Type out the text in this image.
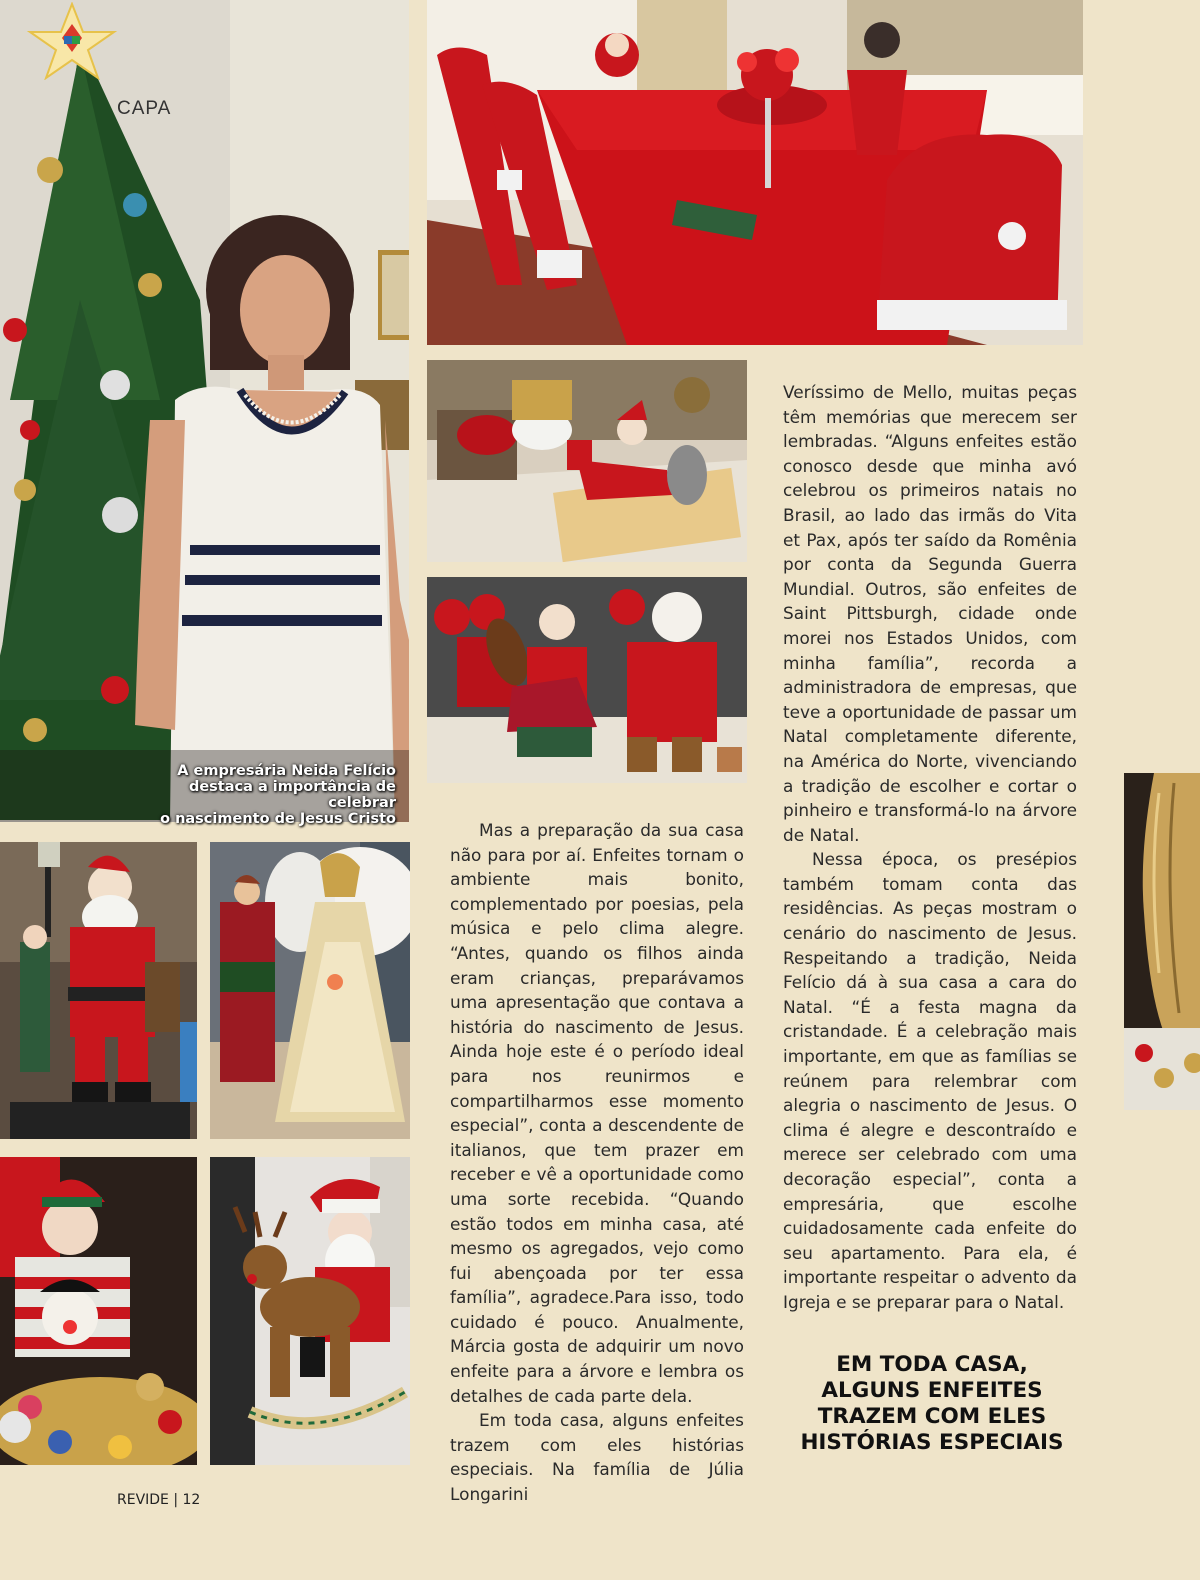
CAPA
A empresária Neida Felício
destaca a importância de celebrar
o nascimento de Jesus Cristo

Mas a preparação da sua casa não para por aí. Enfeites tornam o ambiente mais bonito, complementado por poesias, pela música e pelo clima alegre. “Antes, quando os filhos ainda eram crianças, preparávamos uma apresentação que contava a história do nascimento de Jesus. Ainda hoje este é o período ideal para nos reunirmos e compartilharmos esse momento especial”, conta a descendente de italianos, que tem prazer em receber e vê a oportunidade como uma sorte recebida. “Quando estão todos em minha casa, até mesmo os agregados, vejo como fui abençoada por ter essa família”, agradece.Para isso, todo cuidado é pouco. Anualmente, Márcia gosta de adquirir um novo enfeite para a árvore e lembra os detalhes de cada parte dela.

Em toda casa, alguns enfeites trazem com eles histórias especiais. Na família de Júlia Longarini

Veríssimo de Mello, muitas peças têm memórias que merecem ser lembradas. “Alguns enfeites estão conosco desde que minha avó celebrou os primeiros natais no Brasil, ao lado das irmãs do Vita et Pax, após ter saído da Romênia por conta da Segunda Guerra Mundial. Outros, são enfeites de Saint Pittsburgh, cidade onde morei nos Estados Unidos, com minha família”, recorda a administradora de empresas, que teve a oportunidade de passar um Natal completamente diferente, na América do Norte, vivenciando a tradição de escolher e cortar o pinheiro e transformá-lo na árvore de Natal.

Nessa época, os presépios também tomam conta das residências. As peças mostram o cenário do nascimento de Jesus. Respeitando a tradição, Neida Felício dá à sua casa a cara do Natal. “É a festa magna da cristandade. É a celebração mais importante, em que as famílias se reúnem para relembrar com alegria o nascimento de Jesus. O clima é alegre e descontraído e merece ser celebrado com uma decoração especial”, conta a empresária, que escolhe cuidadosamente cada enfeite do seu apartamento. Para ela, é importante respeitar o advento da Igreja e se preparar para o Natal.

EM TODA CASA,
ALGUNS ENFEITES
TRAZEM COM ELES
HISTÓRIAS ESPECIAIS
REVIDE | 12
